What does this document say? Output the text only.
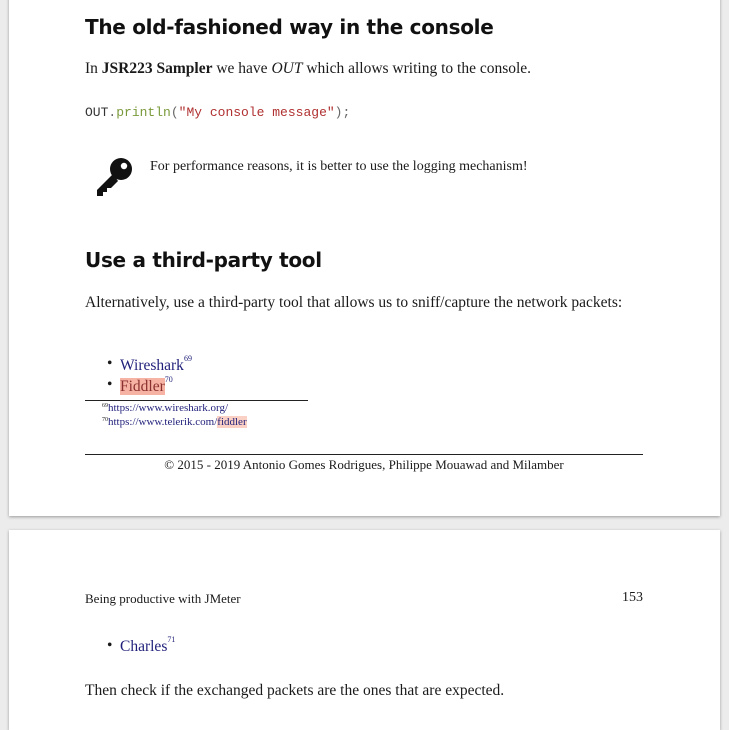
The old-fashioned way in the console
In JSR223 Sampler we have OUT which allows writing to the console.
OUT.println("My console message");
For performance reasons, it is better to use the logging mechanism!
Use a third-party tool
Alternatively, use a third-party tool that allows us to sniff/capture the network packets:
• Wireshark$^{69}$
• Fiddler$^{70}$
$^{69}$https://www.wireshark.org/
$^{70}$https://www.telerik.com/fiddler
© 2015 - 2019 Antonio Gomes Rodrigues, Philippe Mouawad and Milamber
Being productive with JMeter	153
• Charles$^{71}$
Then check if the exchanged packets are the ones that are expected.
